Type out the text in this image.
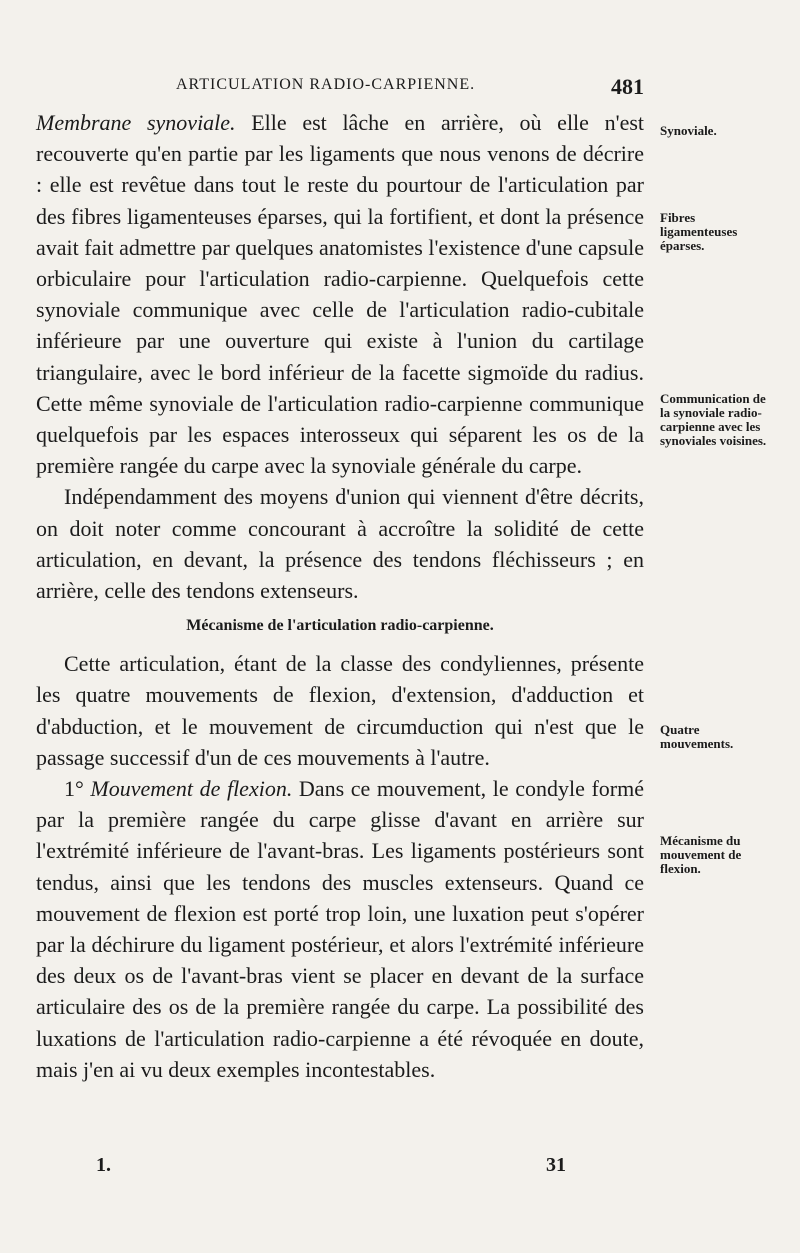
ARTICULATION RADIO-CARPIENNE.	481

Membrane synoviale. Elle est lâche en arrière, où elle n'est recouverte qu'en partie par les ligaments que nous venons de décrire : elle est revêtue dans tout le reste du pourtour de l'articulation par des fibres ligamenteuses éparses, qui la fortifient, et dont la présence avait fait admettre par quelques anatomistes l'existence d'une capsule orbiculaire pour l'articulation radio-carpienne. Quelquefois cette synoviale communique avec celle de l'articulation radio-cubitale inférieure par une ouverture qui existe à l'union du cartilage triangulaire, avec le bord inférieur de la facette sigmoïde du radius. Cette même synoviale de l'articulation radio-carpienne communique quelquefois par les espaces interosseux qui séparent les os de la première rangée du carpe avec la synoviale générale du carpe.

Indépendamment des moyens d'union qui viennent d'être décrits, on doit noter comme concourant à accroître la solidité de cette articulation, en devant, la présence des tendons fléchisseurs ; en arrière, celle des tendons extenseurs.

Mécanisme de l'articulation radio-carpienne.

Cette articulation, étant de la classe des condyliennes, présente les quatre mouvements de flexion, d'extension, d'adduction et d'abduction, et le mouvement de circumduction qui n'est que le passage successif d'un de ces mouvements à l'autre.

1° Mouvement de flexion. Dans ce mouvement, le condyle formé par la première rangée du carpe glisse d'avant en arrière sur l'extrémité inférieure de l'avant-bras. Les ligaments postérieurs sont tendus, ainsi que les tendons des muscles extenseurs. Quand ce mouvement de flexion est porté trop loin, une luxation peut s'opérer par la déchirure du ligament postérieur, et alors l'extrémité inférieure des deux os de l'avant-bras vient se placer en devant de la surface articulaire des os de la première rangée du carpe. La possibilité des luxations de l'articulation radio-carpienne a été révoquée en doute, mais j'en ai vu deux exemples incontestables.

Synoviale.
Fibres ligamenteuses éparses.
Communication de la synoviale radio-carpienne avec les synoviales voisines.
Quatre mouvements.
Mécanisme du mouvement de flexion.
1.	31
